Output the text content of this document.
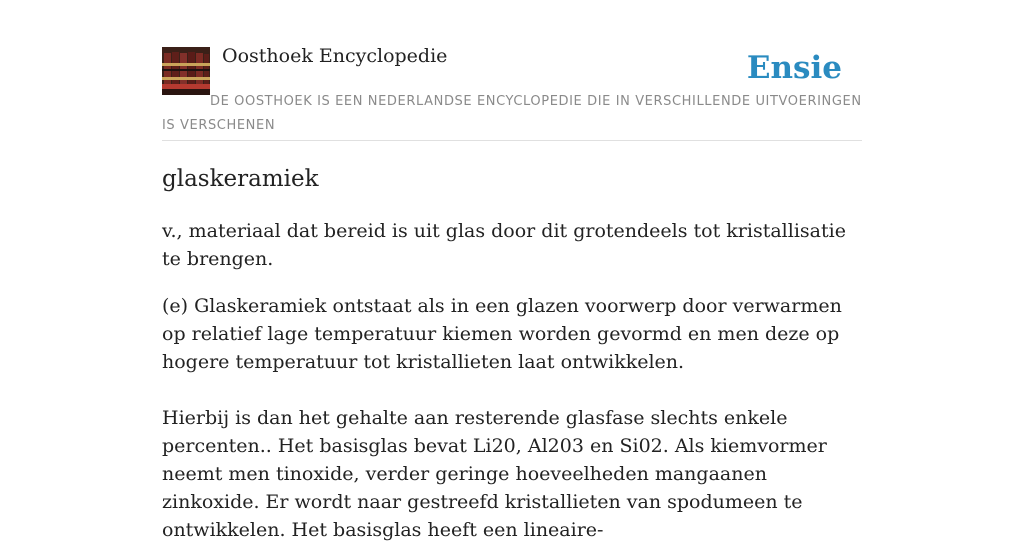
Oosthoek Encyclopedie	Ensie
DE OOSTHOEK IS EEN NEDERLANDSE ENCYCLOPEDIE DIE IN VERSCHILLENDE UITVOERINGEN IS VERSCHENEN
glaskeramiek

v., materiaal dat bereid is uit glas door dit grotendeels tot kristallisatie te brengen.

(e) Glaskeramiek ontstaat als in een glazen voorwerp door verwarmen op relatief lage temperatuur kiemen worden gevormd en men deze op hogere temperatuur tot kristallieten laat ontwikkelen.

Hierbij is dan het gehalte aan resterende glasfase slechts enkele percenten.. Het basisglas bevat Li20, Al203 en Si02. Als kiemvormer neemt men tinoxide, verder geringe hoeveelheden mangaanen zinkoxide. Er wordt naar gestreefd kristallieten van spodumeen te ontwikkelen. Het basisglas heeft een lineaire-
